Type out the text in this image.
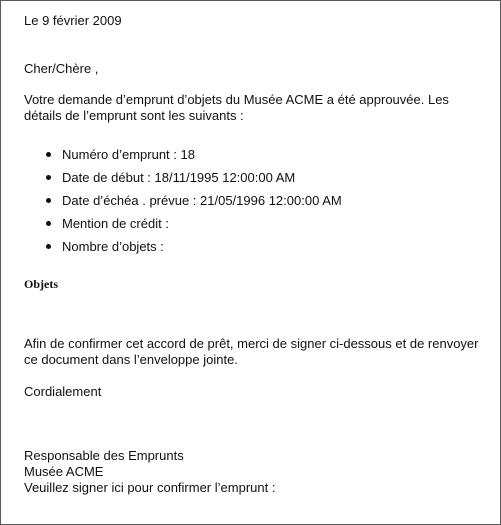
Le 9 février 2009

Cher/Chère ,

Votre demande d’emprunt d’objets du Musée ACME a été approuvée. Les détails de l’emprunt sont les suivants :

Numéro d’emprunt : 18
Date de début : 18/11/1995 12:00:00 AM
Date d’échéa . prévue : 21/05/1996 12:00:00 AM
Mention de crédit :
Nombre d’objets :
Objets

Afin de confirmer cet accord de prêt, merci de signer ci-dessous et de renvoyer ce document dans l’enveloppe jointe.

Cordialement

Responsable des Emprunts

Musée ACME

Veuillez signer ici pour confirmer l’emprunt :
